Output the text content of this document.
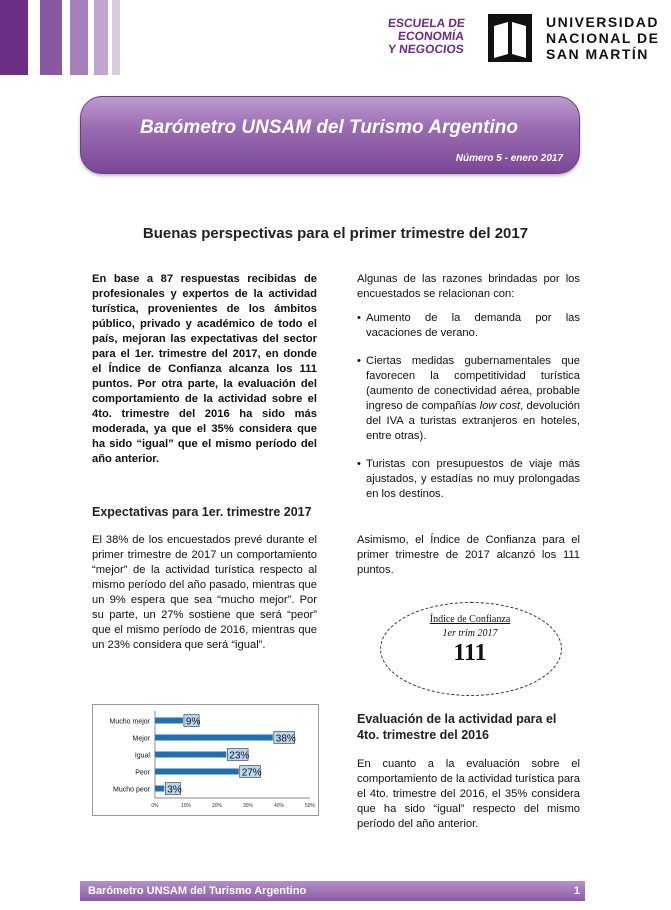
ESCUELA DE
ECONOMÍA
Y NEGOCIOS
UNIVERSIDAD
NACIONAL DE
SAN MARTÍN
Barómetro UNSAM del Turismo Argentino
Número 5 - enero 2017
Buenas perspectivas para el primer trimestre del 2017
En base a 87 respuestas recibidas de profesionales y expertos de la actividad turística, provenientes de los ámbitos público, privado y académico de todo el país, mejoran las expectativas del sector para el 1er. trimestre del 2017, en donde el Índice de Confianza alcanza los 111 puntos. Por otra parte, la evaluación del comportamiento de la actividad sobre el 4to. trimestre del 2016 ha sido más moderada, ya que el 35% considera que ha sido “igual” que el mismo período del año anterior.
Expectativas para 1er. trimestre 2017
El 38% de los encuestados prevé durante el primer trimestre de 2017 un comportamiento “mejor” de la actividad turística respecto al mismo período del año pasado, mientras que un 9% espera que sea “mucho mejor”. Por su parte, un 27% sostiene que será “peor” que el mismo período de 2016, mientras que un 23% considera que será “igual”.
0%	10%	20%	30%	40%	50%
Mucho mejor	9%
Mejor	38%
Igual	23%
Peor	27%
Mucho peor 3%
Algunas de las razones brindadas por los encuestados se relacionan con:
• Aumento de la demanda por las vacaciones de verano.
• Ciertas medidas gubernamentales que favorecen la competitividad turística (aumento de conectividad aérea, probable ingreso de compañías low cost, devolución del IVA a turistas extranjeros en hoteles, entre otras).
• Turistas con presupuestos de viaje más ajustados, y estadías no muy prolongadas en los destinos.
Asimismo, el Índice de Confianza para el primer trimestre de 2017 alcanzó los 111 puntos.
Índice de Confianza
1er trim 2017
111
Evaluación de la actividad para el 4to. trimestre del 2016
En cuanto a la evaluación sobre el comportamiento de la actividad turística para el 4to. trimestre del 2016, el 35% considera que ha sido “igual” respecto del mismo período del año anterior.
Barómetro UNSAM del Turismo Argentino	1
